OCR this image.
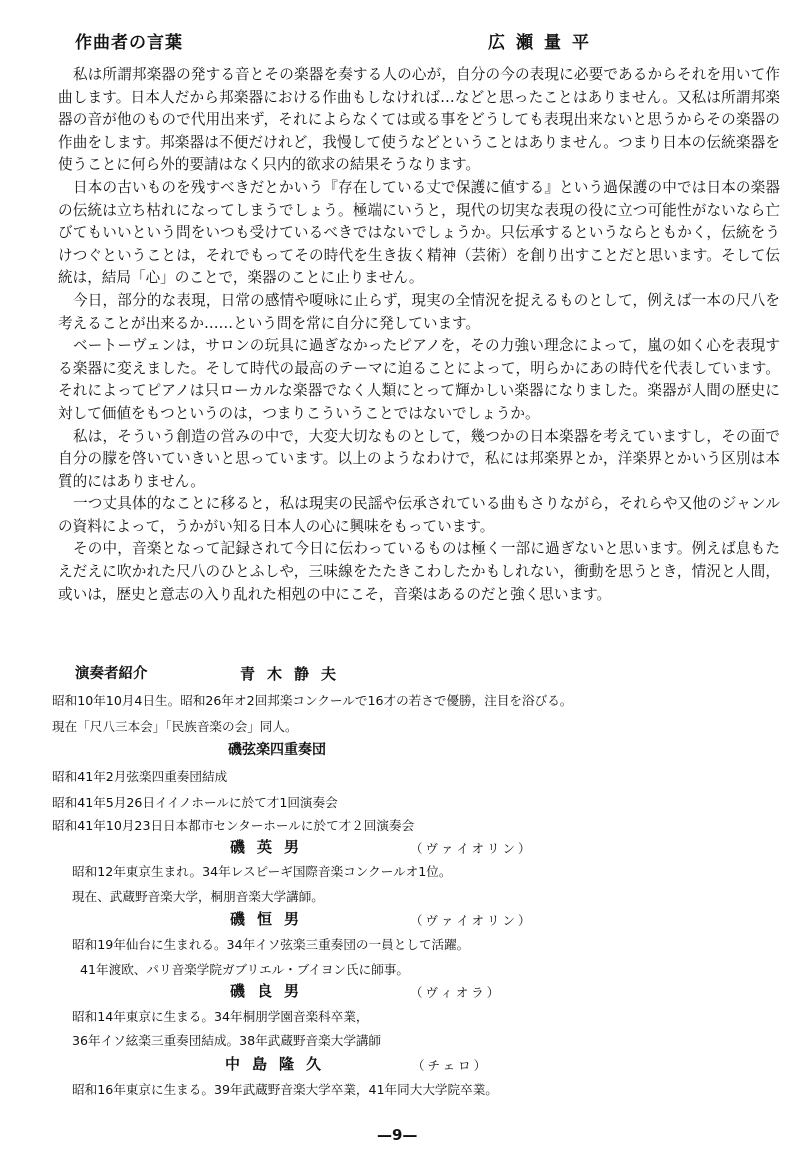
作曲者の言葉	広瀬量平

私は所謂邦楽器の発する音とその楽器を奏する人の心が，自分の今の表現に必要であるからそれを用いて作曲します。日本人だから邦楽器における作曲もしなければ…などと思ったことはありません。又私は所謂邦楽器の音が他のもので代用出来ず，それによらなくては或る事をどうしても表現出来ないと思うからその楽器の作曲をします。邦楽器は不便だけれど，我慢して使うなどということはありません。つまり日本の伝統楽器を使うことに何ら外的要請はなく只内的欲求の結果そうなります。

日本の古いものを残すべきだとかいう『存在している丈で保護に値する』という過保護の中では日本の楽器の伝統は立ち枯れになってしまうでしょう。極端にいうと，現代の切実な表現の役に立つ可能性がないなら亡びてもいいという問をいつも受けているべきではないでしょうか。只伝承するというならともかく，伝統をうけつぐということは，それでもってその時代を生き抜く精神（芸術）を創り出すことだと思います。そして伝統は，結局「心」のことで，楽器のことに止りません。

今日，部分的な表現，日常の感情や嗄咏に止らず，現実の全情況を捉えるものとして，例えば一本の尺八を考えることが出来るか……という問を常に自分に発しています。

ベートーヴェンは，サロンの玩具に過ぎなかったピアノを，その力強い理念によって，嵐の如く心を表現する楽器に変えました。そして時代の最高のテーマに迫ることによって，明らかにあの時代を代表しています。それによってピアノは只ローカルな楽器でなく人類にとって輝かしい楽器になりました。楽器が人間の歴史に対して価値をもつというのは，つまりこういうことではないでしょうか。

私は，そういう創造の営みの中で，大変大切なものとして，幾つかの日本楽器を考えていますし，その面で自分の朦を啓いていきいと思っています。以上のようなわけで，私には邦楽界とか，洋楽界とかいう区別は本質的にはありません。

一つ丈具体的なことに移ると，私は現実の民謡や伝承されている曲もさりながら，それらや又他のジャンルの資料によって，うかがい知る日本人の心に興味をもっています。

その中，音楽となって記録されて今日に伝わっているものは極く一部に過ぎないと思います。例えば息もたえだえに吹かれた尺八のひとふしや，三味線をたたきこわしたかもしれない，衝動を思うとき，情況と人間，或いは，歴史と意志の入り乱れた相剋の中にこそ，音楽はあるのだと強く思います。

演奏者紹介	青木静夫
昭和10年10月4日生。昭和26年オ2回邦楽コンクールで16才の若さで優勝，注目を浴びる。
現在「尺八三本会」「民族音楽の会」同人。
磯弦楽四重奏団
昭和41年2月弦楽四重奏団結成
昭和41年5月26日イイノホールに於て才1回演奏会
昭和41年10月23日日本都市センターホールに於て才２回演奏会
磯英男	（ヴァイオリン）
昭和12年東京生まれ。34年レスピーギ国際音楽コンクールオ1位。
現在、武蔵野音楽大学，桐朋音楽大学講師。
磯恒男	（ヴァイオリン）
昭和19年仙台に生まれる。34年イソ弦楽三重奏団の一員として活躍。
41年渡欧、パリ音楽学院ガブリエル・ブイヨン氏に師事。
磯良男	（ヴィオラ）
昭和14年東京に生まる。34年桐朋学園音楽科卒業，
36年イソ絃楽三重奏団結成。38年武蔵野音楽大学講師
中島隆久	（チェロ）
昭和16年東京に生まる。39年武蔵野音楽大学卒業，41年同大大学院卒業。
—9—
